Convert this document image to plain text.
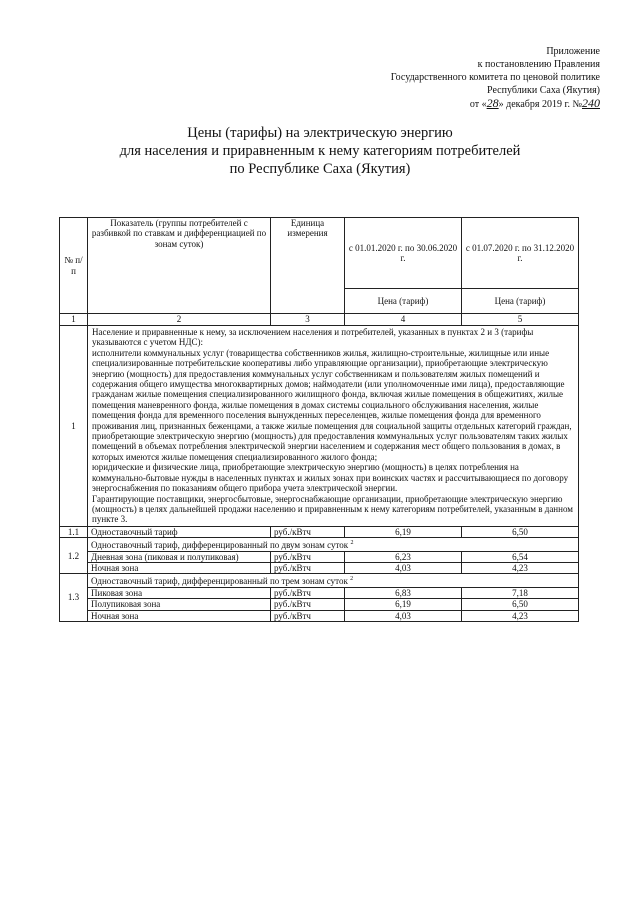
Приложение
к постановлению Правления
Государственного комитета по ценовой политике
Республики Саха (Якутия)
от «28» декабря 2019 г. №240
Цены (тарифы) на электрическую энергию
для населения и приравненным к нему категориям потребителей
по Республике Саха (Якутия)
№ п/п	Показатель (группы потребителей с разбивкой по ставкам и дифференциацией по зонам суток)	Единица измерения	с 01.01.2020 г. по 30.06.2020 г.	с 01.07.2020 г. по 31.12.2020 г.
			Цена (тариф)	Цена (тариф)
1	2	3	4	5
1	Население и приравненные к нему, за исключением населения и потребителей, указанных в пунктах 2 и 3 (тарифы указываются с учетом НДС):

исполнители коммунальных услуг (товарищества собственников жилья, жилищно-строительные, жилищные или иные специализированные потребительские кооперативы либо управляющие организации), приобретающие электрическую энергию (мощность) для предоставления коммунальных услуг собственникам и пользователям жилых помещений и содержания общего имущества многоквартирных домов; наймодатели (или уполномоченные ими лица), предоставляющие гражданам жилые помещения специализированного жилищного фонда, включая жилые помещения в общежитиях, жилые помещения маневренного фонда, жилые помещения в домах системы социального обслуживания населения, жилые помещения фонда для временного поселения вынужденных переселенцев, жилые помещения фонда для временного проживания лиц, признанных беженцами, а также жилые помещения для социальной защиты отдельных категорий граждан, приобретающие электрическую энергию (мощность) для предоставления коммунальных услуг пользователям таких жилых помещений в объемах потребления электрической энергии населением и содержания мест общего пользования в домах, в которых имеются жилые помещения специализированного жилого фонда;

юридические и физические лица, приобретающие электрическую энергию (мощность) в целях потребления на коммунально-бытовые нужды в населенных пунктах и жилых зонах при воинских частях и рассчитывающиеся по договору энергоснабжения по показаниям общего прибора учета электрической энергии.

Гарантирующие поставщики, энергосбытовые, энергоснабжающие организации, приобретающие электрическую энергию (мощность) в целях дальнейшей продажи населению и приравненным к нему категориям потребителей, указанным в данном пункте 3.			

1.1	Одноставочный тариф	руб./кВтч	6,19	6,50
1.2	Одноставочный тариф, дифференцированный по двум зонам суток $^2$
	Дневная зона (пиковая и полупиковая)	руб./кВтч	6,23	6,54
	Ночная зона	руб./кВтч	4,03	4,23
1.3	Одноставочный тариф, дифференцированный по трем зонам суток $^2$
	Пиковая зона	руб./кВтч	6,83	7,18
	Полупиковая зона	руб./кВтч	6,19	6,50
	Ночная зона	руб./кВтч	4,03	4,23
